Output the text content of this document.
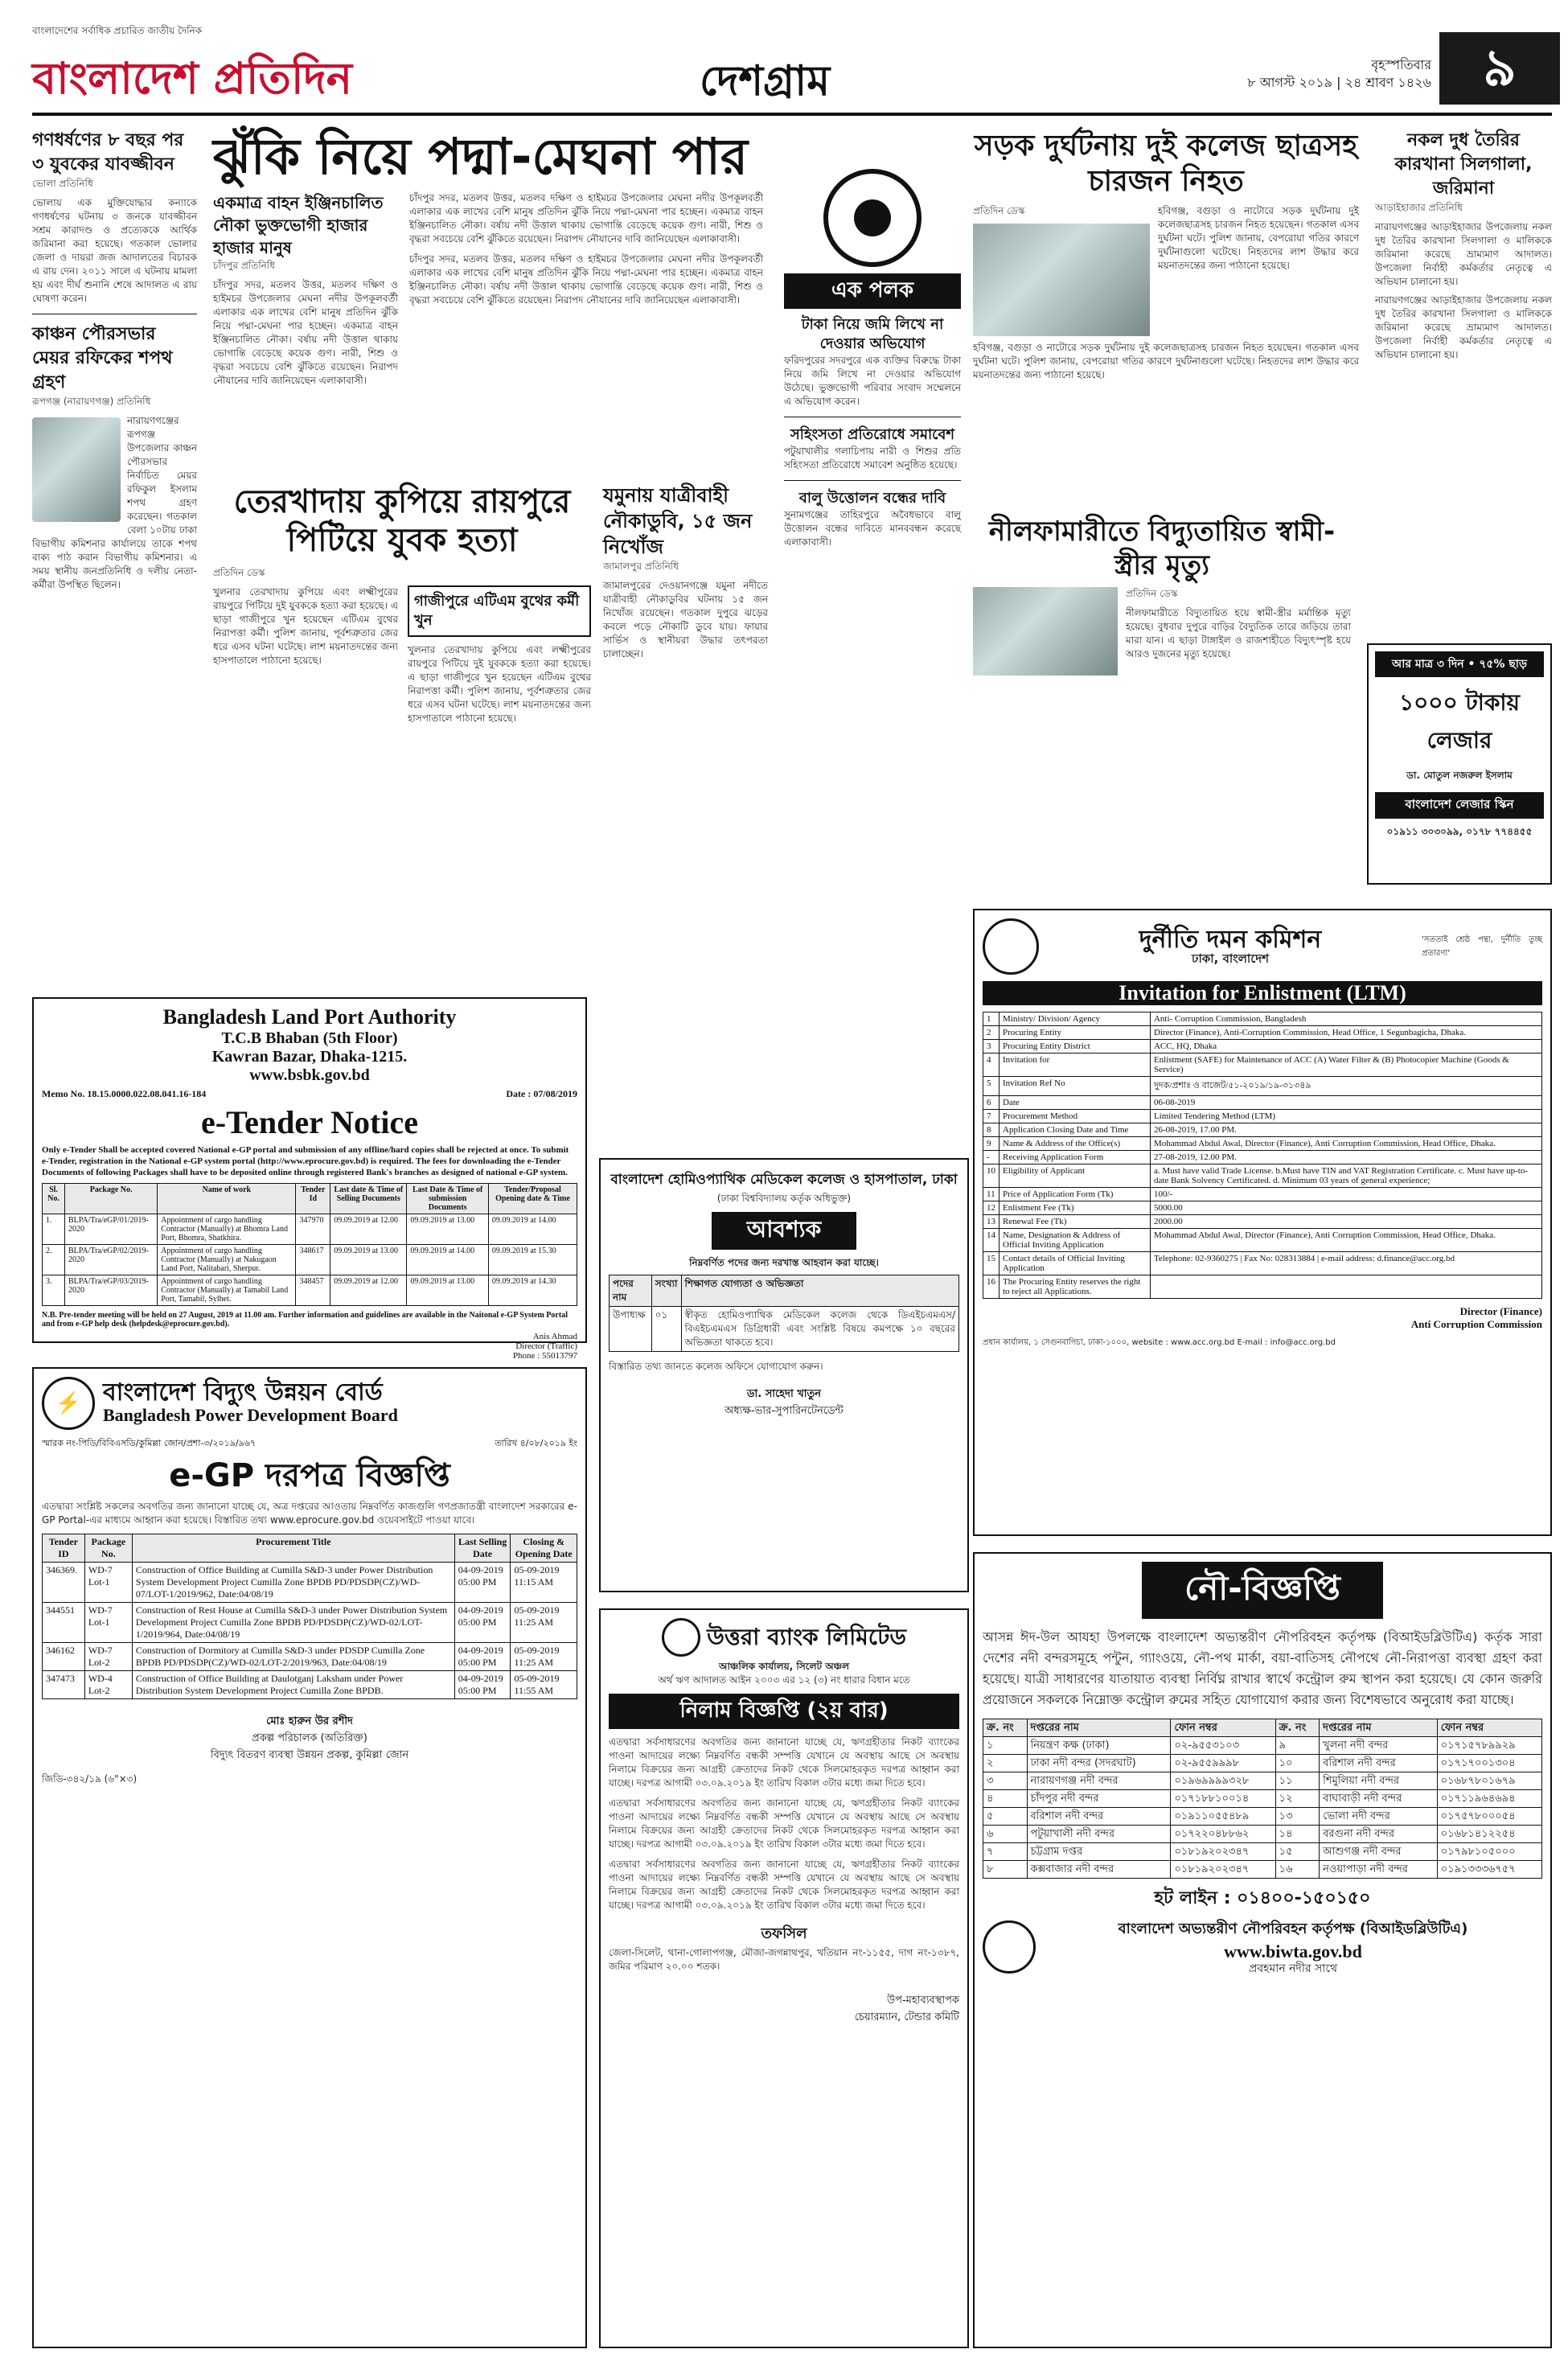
বাংলাদেশের সর্বাধিক প্রচারিত জাতীয় দৈনিক
বাংলাদেশ প্রতিদিন	দেশগ্রাম	বৃহস্পতিবার
৮ আগস্ট ২০১৯ | ২৪ শ্রাবণ ১৪২৬	৯
গণধর্ষণের ৮ বছর পর ৩ যুবকের যাবজ্জীবন
ভোলা প্রতিনিধি
ভোলায় এক মুক্তিযোদ্ধার কন্যাকে গণধর্ষণের ঘটনায় ৩ জনকে যাবজ্জীবন সশ্রম কারাদণ্ড ও প্রত্যেককে আর্থিক জরিমানা করা হয়েছে। গতকাল ভোলার জেলা ও দায়রা জজ আদালতের বিচারক এ রায় দেন। ২০১১ সালে এ ঘটনায় মামলা হয় এবং দীর্ঘ শুনানি শেষে আদালত এ রায় ঘোষণা করেন।
কাঞ্চন পৌরসভার মেয়র রফিকের শপথ গ্রহণ
রূপগঞ্জ (নারায়ণগঞ্জ) প্রতিনিধি
নারায়ণগঞ্জের রূপগঞ্জ উপজেলার কাঞ্চন পৌরসভার নির্বাচিত মেয়র রফিকুল ইসলাম শপথ গ্রহণ করেছেন। গতকাল বেলা ১০টায় ঢাকা বিভাগীয় কমিশনার কার্যালয়ে তাকে শপথ বাক্য পাঠ করান বিভাগীয় কমিশনার। এ সময় স্থানীয় জনপ্রতিনিধি ও দলীয় নেতা-কর্মীরা উপস্থিত ছিলেন।
ঝুঁকি নিয়ে পদ্মা-মেঘনা পার
একমাত্র বাহন ইঞ্জিনচালিত নৌকা ভুক্তভোগী হাজার হাজার মানুষ
চাঁদপুর প্রতিনিধি
চাঁদপুর সদর, মতলব উত্তর, মতলব দক্ষিণ ও হাইমচর উপজেলার মেঘনা নদীর উপকূলবর্তী এলাকার এক লাখের বেশি মানুষ প্রতিদিন ঝুঁকি নিয়ে পদ্মা-মেঘনা পার হচ্ছেন। একমাত্র বাহন ইঞ্জিনচালিত নৌকা। বর্ষায় নদী উত্তাল থাকায় ভোগান্তি বেড়েছে কয়েক গুণ। নারী, শিশু ও বৃদ্ধরা সবচেয়ে বেশি ঝুঁকিতে রয়েছেন। নিরাপদ নৌযানের দাবি জানিয়েছেন এলাকাবাসী।
চাঁদপুর সদর, মতলব উত্তর, মতলব দক্ষিণ ও হাইমচর উপজেলার মেঘনা নদীর উপকূলবর্তী এলাকার এক লাখের বেশি মানুষ প্রতিদিন ঝুঁকি নিয়ে পদ্মা-মেঘনা পার হচ্ছেন। একমাত্র বাহন ইঞ্জিনচালিত নৌকা। বর্ষায় নদী উত্তাল থাকায় ভোগান্তি বেড়েছে কয়েক গুণ। নারী, শিশু ও বৃদ্ধরা সবচেয়ে বেশি ঝুঁকিতে রয়েছেন। নিরাপদ নৌযানের দাবি জানিয়েছেন এলাকাবাসী।
চাঁদপুর সদর, মতলব উত্তর, মতলব দক্ষিণ ও হাইমচর উপজেলার মেঘনা নদীর উপকূলবর্তী এলাকার এক লাখের বেশি মানুষ প্রতিদিন ঝুঁকি নিয়ে পদ্মা-মেঘনা পার হচ্ছেন। একমাত্র বাহন ইঞ্জিনচালিত নৌকা। বর্ষায় নদী উত্তাল থাকায় ভোগান্তি বেড়েছে কয়েক গুণ। নারী, শিশু ও বৃদ্ধরা সবচেয়ে বেশি ঝুঁকিতে রয়েছেন। নিরাপদ নৌযানের দাবি জানিয়েছেন এলাকাবাসী।
তেরখাদায় কুপিয়ে রায়পুরে পিটিয়ে যুবক হত্যা
প্রতিদিন ডেস্ক
খুলনার তেরখাদায় কুপিয়ে এবং লক্ষ্মীপুরের রায়পুরে পিটিয়ে দুই যুবককে হত্যা করা হয়েছে। এ ছাড়া গাজীপুরে খুন হয়েছেন এটিএম বুথের নিরাপত্তা কর্মী। পুলিশ জানায়, পূর্বশত্রুতার জের ধরে এসব ঘটনা ঘটেছে। লাশ ময়নাতদন্তের জন্য হাসপাতালে পাঠানো হয়েছে।
গাজীপুরে এটিএম বুথের কর্মী খুন
খুলনার তেরখাদায় কুপিয়ে এবং লক্ষ্মীপুরের রায়পুরে পিটিয়ে দুই যুবককে হত্যা করা হয়েছে। এ ছাড়া গাজীপুরে খুন হয়েছেন এটিএম বুথের নিরাপত্তা কর্মী। পুলিশ জানায়, পূর্বশত্রুতার জের ধরে এসব ঘটনা ঘটেছে। লাশ ময়নাতদন্তের জন্য হাসপাতালে পাঠানো হয়েছে।
যমুনায় যাত্রীবাহী নৌকাডুবি, ১৫ জন নিখোঁজ
জামালপুর প্রতিনিধি
জামালপুরের দেওয়ানগঞ্জে যমুনা নদীতে যাত্রীবাহী নৌকাডুবির ঘটনায় ১৫ জন নিখোঁজ রয়েছেন। গতকাল দুপুরে ঝড়ের কবলে পড়ে নৌকাটি ডুবে যায়। ফায়ার সার্ভিস ও স্থানীয়রা উদ্ধার তৎপরতা চালাচ্ছেন।
এক পলক
টাকা নিয়ে জমি লিখে না দেওয়ার অভিযোগ
ফরিদপুরের সদরপুরে এক ব্যক্তির বিরুদ্ধে টাকা নিয়ে জমি লিখে না দেওয়ার অভিযোগ উঠেছে। ভুক্তভোগী পরিবার সংবাদ সম্মেলনে এ অভিযোগ করেন।
সহিংসতা প্রতিরোধে সমাবেশ
পটুয়াখালীর গলাচিপায় নারী ও শিশুর প্রতি সহিংসতা প্রতিরোধে সমাবেশ অনুষ্ঠিত হয়েছে।
বালু উত্তোলন বন্ধের দাবি
সুনামগঞ্জের তাহিরপুরে অবৈধভাবে বালু উত্তোলন বন্ধের দাবিতে মানববন্ধন করেছে এলাকাবাসী।
সড়ক দুর্ঘটনায় দুই কলেজ ছাত্রসহ চারজন নিহত
প্রতিদিন ডেস্ক	হবিগঞ্জ, বগুড়া ও নাটোরে সড়ক দুর্ঘটনায় দুই কলেজছাত্রসহ চারজন নিহত হয়েছেন। গতকাল এসব দুর্ঘটনা ঘটে। পুলিশ জানায়, বেপরোয়া গতির কারণে দুর্ঘটনাগুলো ঘটেছে। নিহতদের লাশ উদ্ধার করে ময়নাতদন্তের জন্য পাঠানো হয়েছে।
হবিগঞ্জ, বগুড়া ও নাটোরে সড়ক দুর্ঘটনায় দুই কলেজছাত্রসহ চারজন নিহত হয়েছেন। গতকাল এসব দুর্ঘটনা ঘটে। পুলিশ জানায়, বেপরোয়া গতির কারণে দুর্ঘটনাগুলো ঘটেছে। নিহতদের লাশ উদ্ধার করে ময়নাতদন্তের জন্য পাঠানো হয়েছে।
নকল দুধ তৈরির কারখানা সিলগালা, জরিমানা
আড়াইহাজার প্রতিনিধি
নারায়ণগঞ্জের আড়াইহাজার উপজেলায় নকল দুধ তৈরির কারখানা সিলগালা ও মালিককে জরিমানা করেছে ভ্রাম্যমাণ আদালত। উপজেলা নির্বাহী কর্মকর্তার নেতৃত্বে এ অভিযান চালানো হয়।
নারায়ণগঞ্জের আড়াইহাজার উপজেলায় নকল দুধ তৈরির কারখানা সিলগালা ও মালিককে জরিমানা করেছে ভ্রাম্যমাণ আদালত। উপজেলা নির্বাহী কর্মকর্তার নেতৃত্বে এ অভিযান চালানো হয়।
নীলফামারীতে বিদ্যুতায়িত স্বামী-স্ত্রীর মৃত্যু
প্রতিদিন ডেস্ক
নীলফামারীতে বিদ্যুতায়িত হয়ে স্বামী-স্ত্রীর মর্মান্তিক মৃত্যু হয়েছে। বুধবার দুপুরে বাড়ির বৈদ্যুতিক তারে জড়িয়ে তারা মারা যান। এ ছাড়া টাঙ্গাইল ও রাজশাহীতে বিদ্যুৎস্পৃষ্ট হয়ে আরও দুজনের মৃত্যু হয়েছে।
আর মাত্র ৩ দিন • ৭৫% ছাড়
১০০০ টাকায় লেজার
ডা. মোতুল নজরুল ইসলাম
বাংলাদেশ লেজার স্কিন
০১৯১১ ৩০৩০৯৯, ০১৭৮ ৭৭৪৪৫৫
Bangladesh Land Port Authority
T.C.B Bhaban (5th Floor)
Kawran Bazar, Dhaka-1215.
www.bsbk.gov.bd
Memo No. 18.15.0000.022.08.041.16-184	Date : 07/08/2019
e-Tender Notice
Only e-Tender Shall be accepted covered National e-GP portal and submission of any offline/hard copies shall be rejected at once. To submit e-Tender, registration in the National e-GP system portal (http://www.eprocure.gov.bd) is required. The fees for downloading the e-Tender Documents of following Packages shall have to be deposited online through registered Bank's branches as designed of national e-GP system.
Sl. No.	Package No.	Name of work	Tender Id	Last date & Time of Selling Documents	Last Date & Time of submission Documents	Tender/Proposal Opening date & Time
1.	BLPA/Tra/eGP/01/2019-2020	Appointment of cargo handling Contractor (Manually) at Bhomra Land Port, Bhomra, Shatkhira.	347970	09.09.2019 at 12.00	09.09.2019 at 13.00	09.09.2019 at 14.00
2.	BLPA/Tra/eGP/02/2019-2020	Appointment of cargo handling Contractor (Manually) at Nakugaon Land Port, Nalitabari, Sherpur.	348617	09.09.2019 at 13.00	09.09.2019 at 14.00	09.09.2019 at 15.30
3.	BLPA/Tra/eGP/03/2019-2020	Appointment of cargo handling Contractor (Manually) at Tamabil Land Port, Tamabil, Sylhet.	348457	09.09.2019 at 12.00	09.09.2019 at 13.00	09.09.2019 at 14.30
N.B. Pre-tender meeting will be held on 27 August, 2019 at 11.00 am. Further information and guidelines are available in the Naitonal e-GP System Portal and from e-GP help desk (helpdesk@eprocure.gov.bd).
Anis Ahmad
Director (Traffic)
Phone : 55013797
⚡ বাংলাদেশ বিদ্যুৎ উন্নয়ন বোর্ড
Bangladesh Power Development Board
স্মারক নং-পিডি/বিবিএসডি/কুমিল্লা জোন/প্রশা-৩/২০১৯/৯৬৭	তারিখ ৪/০৮/২০১৯ ইং
e-GP দরপত্র বিজ্ঞপ্তি
এতদ্বারা সংশ্লিষ্ট সকলের অবগতির জন্য জানানো যাচ্ছে যে, অত্র দপ্তরের আওতায় নিম্নবর্ণিত কাজগুলি গণপ্রজাতন্ত্রী বাংলাদেশ সরকারের e-GP Portal-এর মাধ্যমে আহ্বান করা হয়েছে। বিস্তারিত তথ্য www.eprocure.gov.bd ওয়েবসাইটে পাওয়া যাবে।
Tender ID	Package No.	Procurement Title	Last Selling Date	Closing & Opening Date
346369.	WD-7 Lot-1	Construction of Office Building at Cumilla S&D-3 under Power Distribution System Development Project Cumilla Zone BPDB PD/PDSDP(CZ)/WD-07/LOT-1/2019/962, Date:04/08/19	04-09-2019 05:00 PM	05-09-2019 11:15 AM
344551	WD-7 Lot-1	Construction of Rest House at Cumilla S&D-3 under Power Distribution System Development Project Cumilla Zone BPDB PD/PDSDP(CZ)/WD-02/LOT-1/2019/964, Date:04/08/19	04-09-2019 05:00 PM	05-09-2019 11:25 AM
346162	WD-7 Lot-2	Construction of Dormitory at Cumilla S&D-3 under PDSDP Cumilla Zone BPDB PD/PDSDP(CZ)/WD-02/LOT-2/2019/963, Date:04/08/19	04-09-2019 05:00 PM	05-09-2019 11:25 AM
347473	WD-4 Lot-2	Construction of Office Building at Daulotganj Laksham under Power Distribution System Development Project Cumilla Zone BPDB.	04-09-2019 05:00 PM	05-09-2019 11:55 AM
মোঃ হারুন উর রশীদ
প্রকল্প পরিচালক (অতিরিক্ত)
বিদ্যুৎ বিতরণ ব্যবস্থা উন্নয়ন প্রকল্প, কুমিল্লা জোন
জিডি-৩৪২/১৯ (৬"×৩)
বাংলাদেশ হোমিওপ্যাথিক মেডিকেল কলেজ ও হাসপাতাল, ঢাকা
(ঢাকা বিশ্ববিদ্যালয় কর্তৃক অধিভুক্ত)
আবশ্যক
নিম্নবর্ণিত পদের জন্য দরখাস্ত আহবান করা যাচ্ছে।
পদের নাম	সংখ্যা	শিক্ষাগত যোগ্যতা ও অভিজ্ঞতা
উপাধ্যক্ষ	০১	স্বীকৃত হোমিওপ্যাথিক মেডিকেল কলেজ থেকে ডিএইচএমএস/বিএইচএমএস ডিগ্রিধারী এবং সংশ্লিষ্ট বিষয়ে কমপক্ষে ১০ বছরের অভিজ্ঞতা থাকতে হবে।
বিস্তারিত তথ্য জানতে কলেজ অফিসে যোগাযোগ করুন।
ডা. সাহেদা খাতুন
অধ্যক্ষ-ভার-সুপারিনটেনডেন্ট
উত্তরা ব্যাংক লিমিটেড
আঞ্চলিক কার্যালয়, সিলেট অঞ্চল
অর্থ ঋণ আদালত আইন ২০০৩ এর ১২ (৩) নং ধারার বিধান মতে
নিলাম বিজ্ঞপ্তি (২য় বার)
এতদ্বারা সর্বসাধারণের অবগতির জন্য জানানো যাচ্ছে যে, ঋণগ্রহীতার নিকট ব্যাংকের পাওনা আদায়ের লক্ষ্যে নিম্নবর্ণিত বন্ধকী সম্পত্তি যেখানে যে অবস্থায় আছে সে অবস্থায় নিলামে বিক্রয়ের জন্য আগ্রহী ক্রেতাদের নিকট থেকে সিলমোহরকৃত দরপত্র আহ্বান করা যাচ্ছে। দরপত্র আগামী ০৩.০৯.২০১৯ ইং তারিখ বিকাল ৩টার মধ্যে জমা দিতে হবে।
এতদ্বারা সর্বসাধারণের অবগতির জন্য জানানো যাচ্ছে যে, ঋণগ্রহীতার নিকট ব্যাংকের পাওনা আদায়ের লক্ষ্যে নিম্নবর্ণিত বন্ধকী সম্পত্তি যেখানে যে অবস্থায় আছে সে অবস্থায় নিলামে বিক্রয়ের জন্য আগ্রহী ক্রেতাদের নিকট থেকে সিলমোহরকৃত দরপত্র আহ্বান করা যাচ্ছে। দরপত্র আগামী ০৩.০৯.২০১৯ ইং তারিখ বিকাল ৩টার মধ্যে জমা দিতে হবে।
এতদ্বারা সর্বসাধারণের অবগতির জন্য জানানো যাচ্ছে যে, ঋণগ্রহীতার নিকট ব্যাংকের পাওনা আদায়ের লক্ষ্যে নিম্নবর্ণিত বন্ধকী সম্পত্তি যেখানে যে অবস্থায় আছে সে অবস্থায় নিলামে বিক্রয়ের জন্য আগ্রহী ক্রেতাদের নিকট থেকে সিলমোহরকৃত দরপত্র আহ্বান করা যাচ্ছে। দরপত্র আগামী ০৩.০৯.২০১৯ ইং তারিখ বিকাল ৩টার মধ্যে জমা দিতে হবে।
তফসিল
জেলা-সিলেট, থানা-গোলাপগঞ্জ, মৌজা-জগন্নাথপুর, খতিয়ান নং-১১৫৫, দাগ নং-১৩৮৭, জমির পরিমাণ ২০.০০ শতক।
উপ-মহাব্যবস্থাপক
চেয়ারম্যান, টেন্ডার কমিটি
দুর্নীতি দমন কমিশন
ঢাকা, বাংলাদেশ
'সততাই শ্রেষ্ঠ পন্থা, দুর্নীতি তুচ্ছ প্রতারণা'
Invitation for Enlistment (LTM)
1	Ministry/ Division/ Agency	Anti- Corruption Commission, Bangladesh
2	Procuring Entity	Director (Finance), Anti-Corruption Commission, Head Office, 1 Segunbagicha, Dhaka.
3	Procuring Entity District	ACC, HQ, Dhaka
4	Invitation for	Enlistment (SAFE) for Maintenance of ACC (A) Water Filter & (B) Photocopier Machine (Goods & Service)
5	Invitation Ref No	দুদক/প্রশাঃ ও বাজেট/৫১-২০১৯/১৯-৩১৩৪৯
6	Date	06-08-2019
7	Procurement Method	Limited Tendering Method (LTM)
8	Application Closing Date and Time	26-08-2019, 17.00 PM.
9	Name & Address of the Office(s)	Mohammad Abdul Awal, Director (Finance), Anti Corruption Commission, Head Office, Dhaka.
-	Receiving Application Form	27-08-2019, 12.00 PM.
10	Eligibility of Applicant	a. Must have valid Trade License. b.Must have TIN and VAT Registration Certificate. c. Must have up-to-date Bank Solvency Certificated. d. Minimum 03 years of general experience;
11	Price of Application Form (Tk)	100/-
12	Enlistment Fee (Tk)	5000.00
13	Renewal Fee (Tk)	2000.00
14	Name, Designation & Address of Official Inviting Application	Mohammad Abdul Awal, Director (Finance), Anti Corruption Commission, Head Office, Dhaka.
15	Contact details of Official Inviting Application	Telephone: 02-9360275 | Fax No: 028313884 | e-mail address: d.finance@acc.org.bd
16	The Procuring Entity reserves the right to reject all Applications.	
Director (Finance)
Anti Corruption Commission
প্রধান কার্যালয়, ১ সেগুনবাগিচা, ঢাকা-১০০০, website : www.acc.org.bd E-mail : info@acc.org.bd
নৌ-বিজ্ঞপ্তি
আসন্ন ঈদ-উল আযহা উপলক্ষে বাংলাদেশ অভ্যন্তরীণ নৌপরিবহন কর্তৃপক্ষ (বিআইডব্লিউটিএ) কর্তৃক সারা দেশের নদী বন্দরসমূহে পন্টুন, গ্যাংওয়ে, নৌ-পথ মার্কা, বয়া-বাতিসহ নৌপথে নৌ-নিরাপত্তা ব্যবস্থা গ্রহণ করা হয়েছে। যাত্রী সাধারণের যাতায়াত ব্যবস্থা নির্বিঘ্ন রাখার স্বার্থে কন্ট্রোল রুম স্থাপন করা হয়েছে। যে কোন জরুরি প্রয়োজনে সকলকে নিম্নোক্ত কন্ট্রোল রুমের সহিত যোগাযোগ করার জন্য বিশেষভাবে অনুরোধ করা যাচ্ছে।
ক্র. নং	দপ্তরের নাম	ফোন নম্বর	ক্র. নং	দপ্তরের নাম	ফোন নম্বর
১	নিয়ন্ত্রণ কক্ষ (ঢাকা)	০২-৯৫৫৩১০৩	৯	খুলনা নদী বন্দর	০১৭১৫৭৮৯৯২৯
২	ঢাকা নদী বন্দর (সদরঘাট)	০২-৯৫৫৯৯৯৮	১০	বরিশাল নদী বন্দর	০১৭১৭০০১৩০৪
৩	নারায়ণগঞ্জ নদী বন্দর	০১৯৬৯৯৯৯৩২৮	১১	শিমুলিয়া নদী বন্দর	০১৬৮৭৮০১৬৭৯
৪	চাঁদপুর নদী বন্দর	০১৭১৮৮১০০১৪	১২	বাঘাবাড়ী নদী বন্দর	০১৭১১৯৬৪৬৯৪
৫	বরিশাল নদী বন্দর	০১৯১১০৫৫৪৮৯	১৩	ভোলা নদী বন্দর	০১৭৫৭৮০০০৫৪
৬	পটুয়াখালী নদী বন্দর	০১৭২২০৪৮৮৬২	১৪	বরগুনা নদী বন্দর	০১৬৮১৪১২২৫৪
৭	চট্টগ্রাম দপ্তর	০১৮১৯২০২৩৪৭	১৫	আশুগঞ্জ নদী বন্দর	০১৭৯৮১০৫০০০
৮	কক্সবাজার নদী বন্দর	০১৮১৯২০২৩৪৭	১৬	নওয়াপাড়া নদী বন্দর	০১৯১৩৩৩৬৭৫৭
হট লাইন : ০১৪০০-১৫০১৫০
বাংলাদেশ অভ্যন্তরীণ নৌপরিবহন কর্তৃপক্ষ (বিআইডব্লিউটিএ)
www.biwta.gov.bd
প্রবহমান নদীর সাথে
